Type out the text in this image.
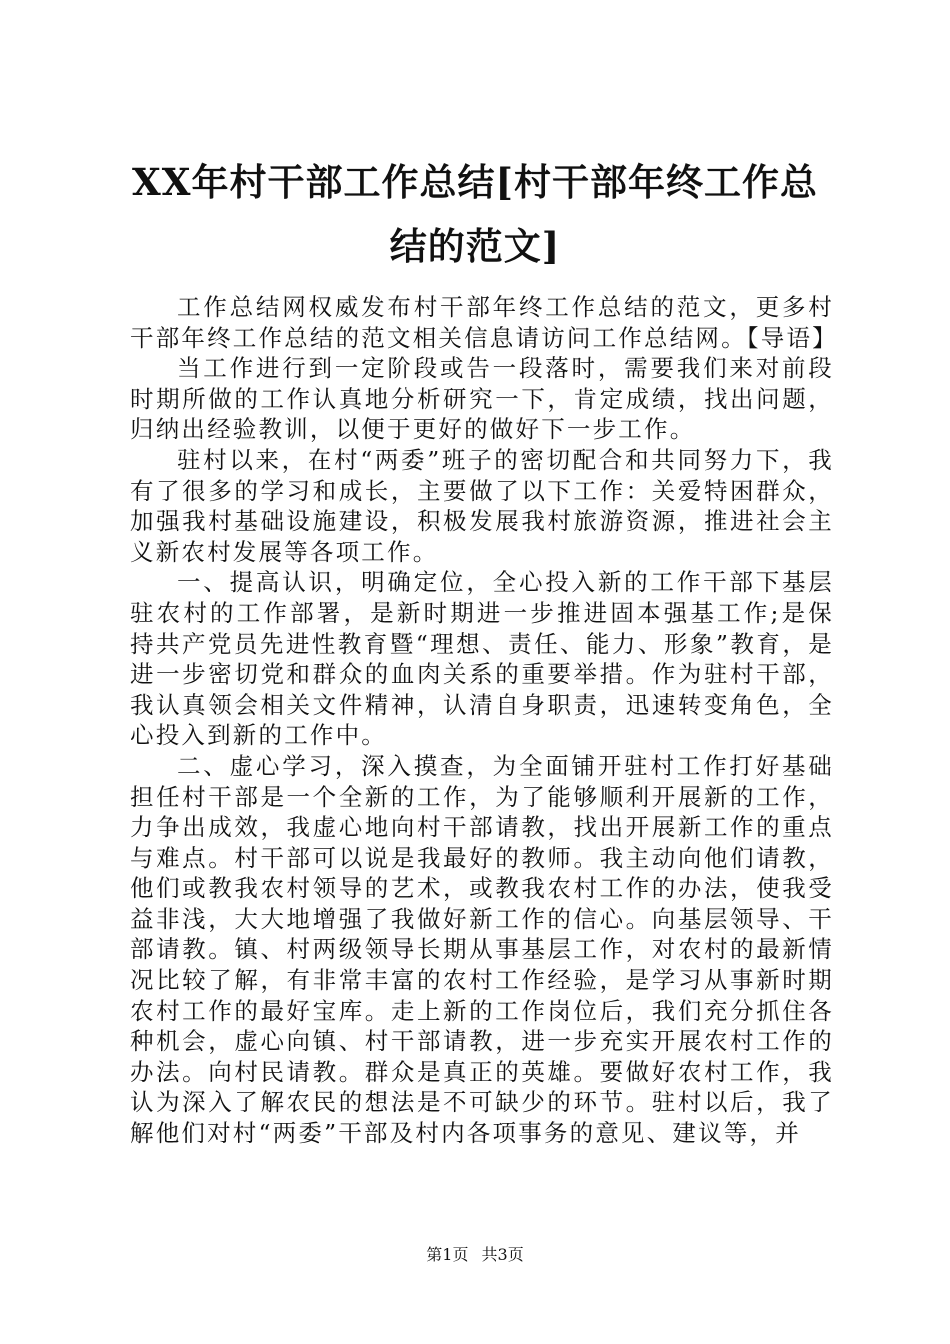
XX年村干部工作总结[村干部年终工作总结的范文]

工作总结网权威发布村干部年终工作总结的范文，更多村干部年终工作总结的范文相关信息请访问工作总结网。【导语】

当工作进行到一定阶段或告一段落时，需要我们来对前段时期所做的工作认真地分析研究一下，肯定成绩，找出问题，归纳出经验教训，以便于更好的做好下一步工作。

驻村以来，在村“两委”班子的密切配合和共同努力下，我有了很多的学习和成长，主要做了以下工作：关爱特困群众，加强我村基础设施建设，积极发展我村旅游资源，推进社会主义新农村发展等各项工作。

一、提高认识，明确定位，全心投入新的工作干部下基层驻农村的工作部署，是新时期进一步推进固本强基工作;是保持共产党员先进性教育暨“理想、责任、能力、形象”教育，是进一步密切党和群众的血肉关系的重要举措。作为驻村干部，我认真领会相关文件精神，认清自身职责，迅速转变角色，全心投入到新的工作中。

二、虚心学习，深入摸查，为全面铺开驻村工作打好基础担任村干部是一个全新的工作，为了能够顺利开展新的工作，力争出成效，我虚心地向村干部请教，找出开展新工作的重点与难点。村干部可以说是我最好的教师。我主动向他们请教，他们或教我农村领导的艺术，或教我农村工作的办法，使我受益非浅，大大地增强了我做好新工作的信心。向基层领导、干部请教。镇、村两级领导长期从事基层工作，对农村的最新情况比较了解，有非常丰富的农村工作经验，是学习从事新时期农村工作的最好宝库。走上新的工作岗位后，我们充分抓住各种机会，虚心向镇、村干部请教，进一步充实开展农村工作的办法。向村民请教。群众是真正的英雄。要做好农村工作，我认为深入了解农民的想法是不可缺少的环节。驻村以后，我了解他们对村“两委”干部及村内各项事务的意见、建议等，并

第1页 共3页
